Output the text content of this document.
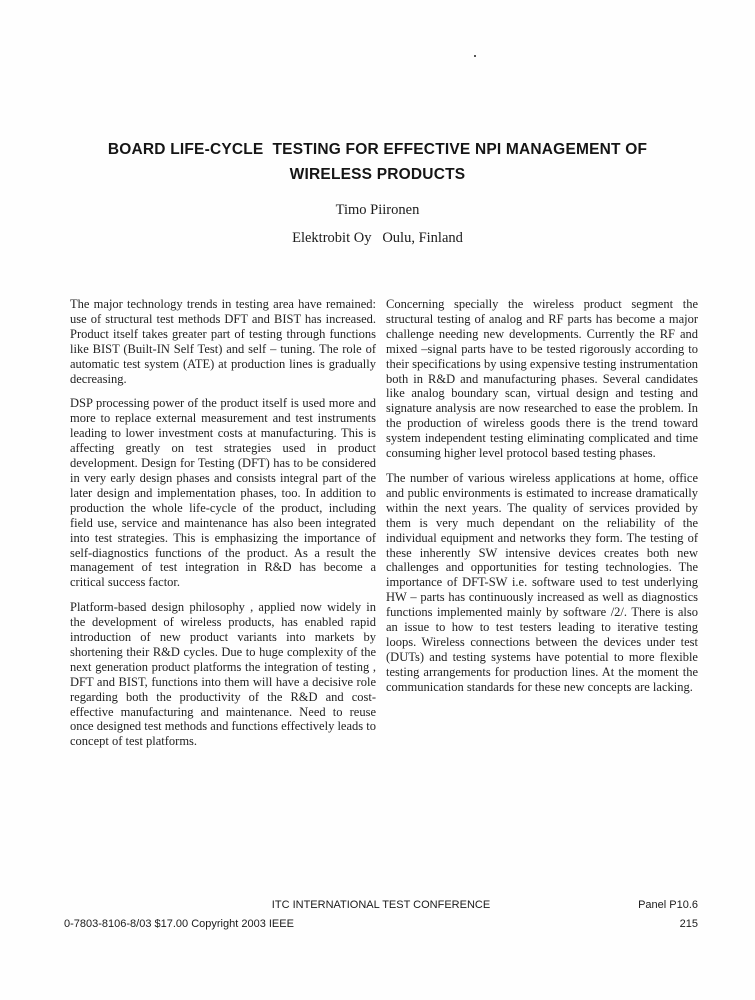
BOARD LIFE-CYCLE  TESTING FOR EFFECTIVE NPI MANAGEMENT OF
WIRELESS PRODUCTS
Timo Piironen
Elektrobit Oy   Oulu, Finland

The major technology trends in testing area have remained: use of structural test methods DFT and BIST has increased. Product itself takes greater part of testing through functions like BIST (Built-IN Self Test) and self – tuning. The role of automatic test system (ATE) at production lines is gradually decreasing.

DSP processing power of the product itself is used more and more to replace external measurement and test instruments leading to lower investment costs at manufacturing. This is affecting greatly on test strategies used in product development. Design for Testing (DFT) has to be considered in very early design phases and consists integral part of the later design and implementation phases, too. In addition to production the whole life-cycle of the product, including field use, service and maintenance has also been integrated into test strategies. This is emphasizing the importance of self-diagnostics functions of the product. As a result the management of test integration in R&D has become a critical success factor.

Platform-based design philosophy , applied now widely in the development of wireless products, has enabled rapid introduction of new product variants into markets by shortening their R&D cycles. Due to huge complexity of the next generation product platforms the integration of testing , DFT and BIST, functions into them will have a decisive role regarding both the productivity of the R&D and cost-effective manufacturing and maintenance. Need to reuse once designed test methods and functions effectively leads to concept of test platforms.

Concerning specially the wireless product segment the structural testing of analog and RF parts has become a major challenge needing new developments. Currently the RF and mixed –signal parts have to be tested rigorously according to their specifications by using expensive testing instrumentation both in R&D and manufacturing phases. Several candidates like analog boundary scan, virtual design and testing and signature analysis are now researched to ease the problem. In the production of wireless goods there is the trend toward system independent testing eliminating complicated and time consuming higher level protocol based testing phases.

The number of various wireless applications at home, office and public environments is estimated to increase dramatically within the next years. The quality of services provided by them is very much dependant on the reliability of the individual equipment and networks they form. The testing of these inherently SW intensive devices creates both new challenges and opportunities for testing technologies. The importance of DFT-SW i.e. software used to test underlying HW – parts has continuously increased as well as diagnostics functions implemented mainly by software /2/. There is also an issue to how to test testers leading to iterative testing loops. Wireless connections between the devices under test (DUTs) and testing systems have potential to more flexible testing arrangements for production lines. At the moment the communication standards for these new concepts are lacking.

ITC INTERNATIONAL TEST CONFERENCE	Panel P10.6
0-7803-8106-8/03 $17.00 Copyright 2003 IEEE	215
